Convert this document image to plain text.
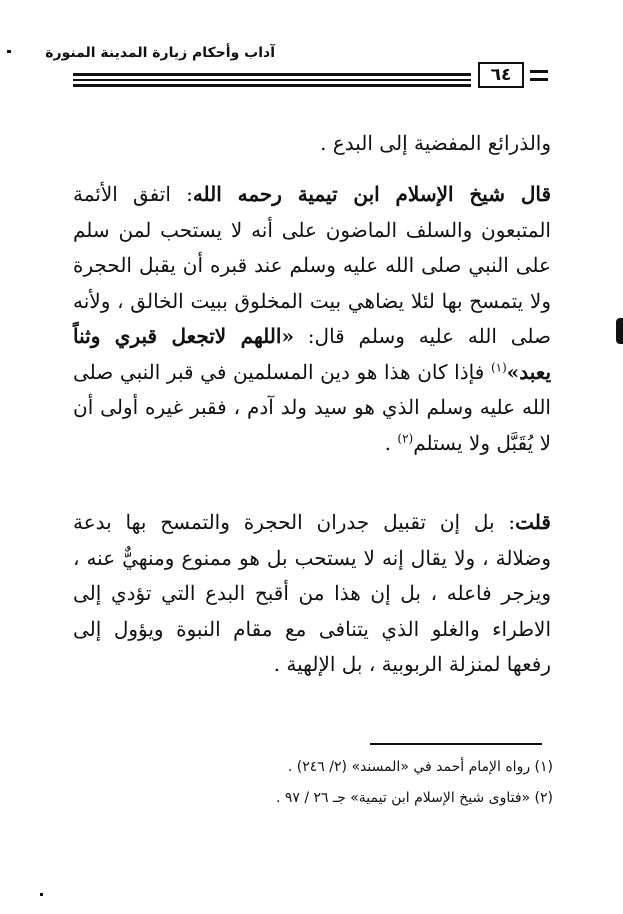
آداب وأحكام زيارة المدينة المنورة
٦٤
والذرائع المفضية إلى البدع .
قال شيخ الإسلام ابن تيمية رحمه الله: اتفق الأئمة المتبعون والسلف الماضون على أنه لا يستحب لمن سلم على النبي صلى الله عليه وسلم عند قبره أن يقبل الحجرة ولا يتمسح بها لئلا يضاهي بيت المخلوق ببيت الخالق ، ولأنه صلى الله عليه وسلم قال: «اللهم لاتجعل قبري وثناً يعبد»$^{(١)}$ فإذا كان هذا هو دين المسلمين في قبر النبي صلى الله عليه وسلم الذي هو سيد ولد آدم ، فقبر غيره أولى أن لا يُقَبَّل ولا يستلم$^{(٢)}$ .
قلت: بل إن تقبيل جدران الحجرة والتمسح بها بدعة وضلالة ، ولا يقال إنه لا يستحب بل هو ممنوع ومنهيٌّ عنه ، ويزجر فاعله ، بل إن هذا من أقبح البدع التي تؤدي إلى الاطراء والغلو الذي يتنافى مع مقام النبوة ويؤول إلى رفعها لمنزلة الربوبية ، بل الإلهية .
(١) رواه الإمام أحمد في «المسند» (٢/ ٢٤٦) .
(٢) «فتاوى شيخ الإسلام ابن تيمية» جـ ٢٦ / ٩٧ .
